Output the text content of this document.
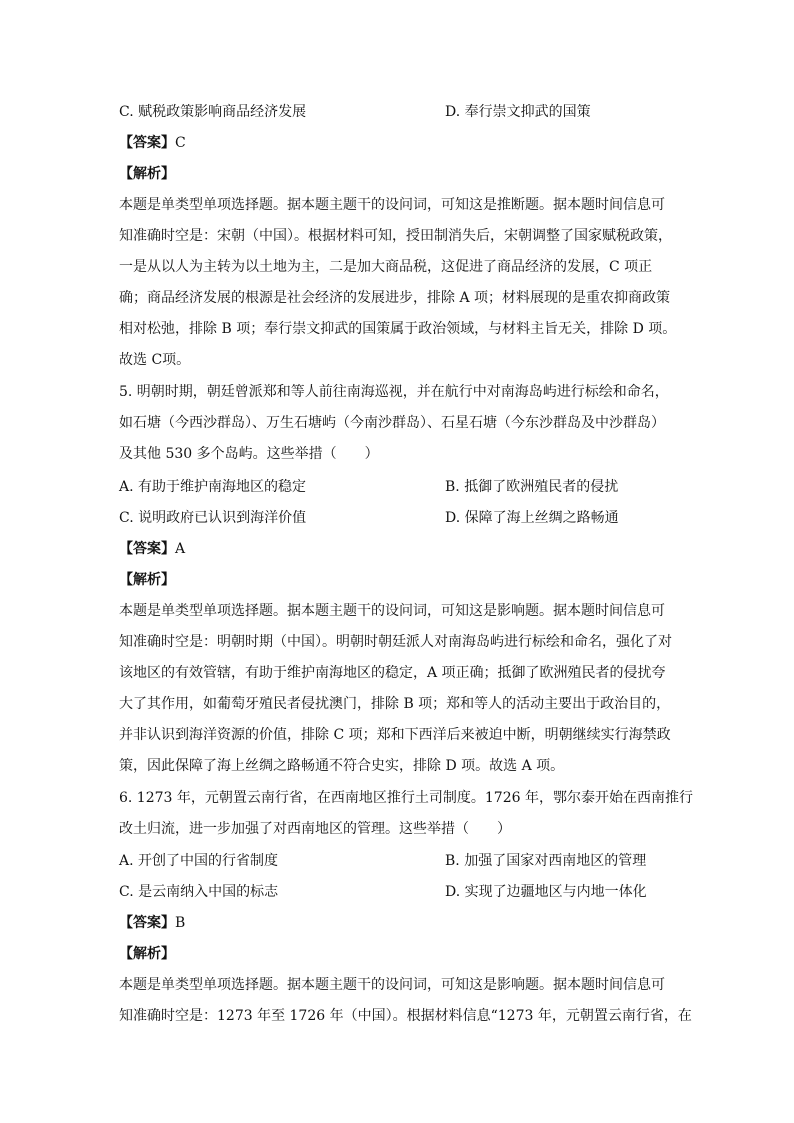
C. 赋税政策影响商品经济发展	D. 奉行崇文抑武的国策
【答案】C
【解析】
本题是单类型单项选择题。据本题主题干的设问词，可知这是推断题。据本题时间信息可
知准确时空是：宋朝（中国）。根据材料可知，授田制消失后，宋朝调整了国家赋税政策，
一是从以人为主转为以土地为主，二是加大商品税，这促进了商品经济的发展，C 项正
确；商品经济发展的根源是社会经济的发展进步，排除 A 项；材料展现的是重农抑商政策
相对松弛，排除 B 项；奉行崇文抑武的国策属于政治领域，与材料主旨无关，排除 D 项。
故选 C项。
5. 明朝时期，朝廷曾派郑和等人前往南海巡视，并在航行中对南海岛屿进行标绘和命名，
如石塘（今西沙群岛）、万生石塘屿（今南沙群岛）、石星石塘（今东沙群岛及中沙群岛）
及其他 530 多个岛屿。这些举措（　　）
A. 有助于维护南海地区的稳定	B. 抵御了欧洲殖民者的侵扰
C. 说明政府已认识到海洋价值	D. 保障了海上丝绸之路畅通
【答案】A
【解析】
本题是单类型单项选择题。据本题主题干的设问词，可知这是影响题。据本题时间信息可
知准确时空是：明朝时期（中国）。明朝时朝廷派人对南海岛屿进行标绘和命名，强化了对
该地区的有效管辖，有助于维护南海地区的稳定，A 项正确；抵御了欧洲殖民者的侵扰夸
大了其作用，如葡萄牙殖民者侵扰澳门，排除 B 项；郑和等人的活动主要出于政治目的，
并非认识到海洋资源的价值，排除 C 项；郑和下西洋后来被迫中断，明朝继续实行海禁政
策，因此保障了海上丝绸之路畅通不符合史实，排除 D 项。故选 A 项。
6. 1273 年，元朝置云南行省，在西南地区推行土司制度。1726 年，鄂尔泰开始在西南推行
改土归流，进一步加强了对西南地区的管理。这些举措（　　）
A. 开创了中国的行省制度	B. 加强了国家对西南地区的管理
C. 是云南纳入中国的标志	D. 实现了边疆地区与内地一体化
【答案】B
【解析】
本题是单类型单项选择题。据本题主题干的设问词，可知这是影响题。据本题时间信息可
知准确时空是：1273 年至 1726 年（中国）。根据材料信息“1273 年，元朝置云南行省，在
